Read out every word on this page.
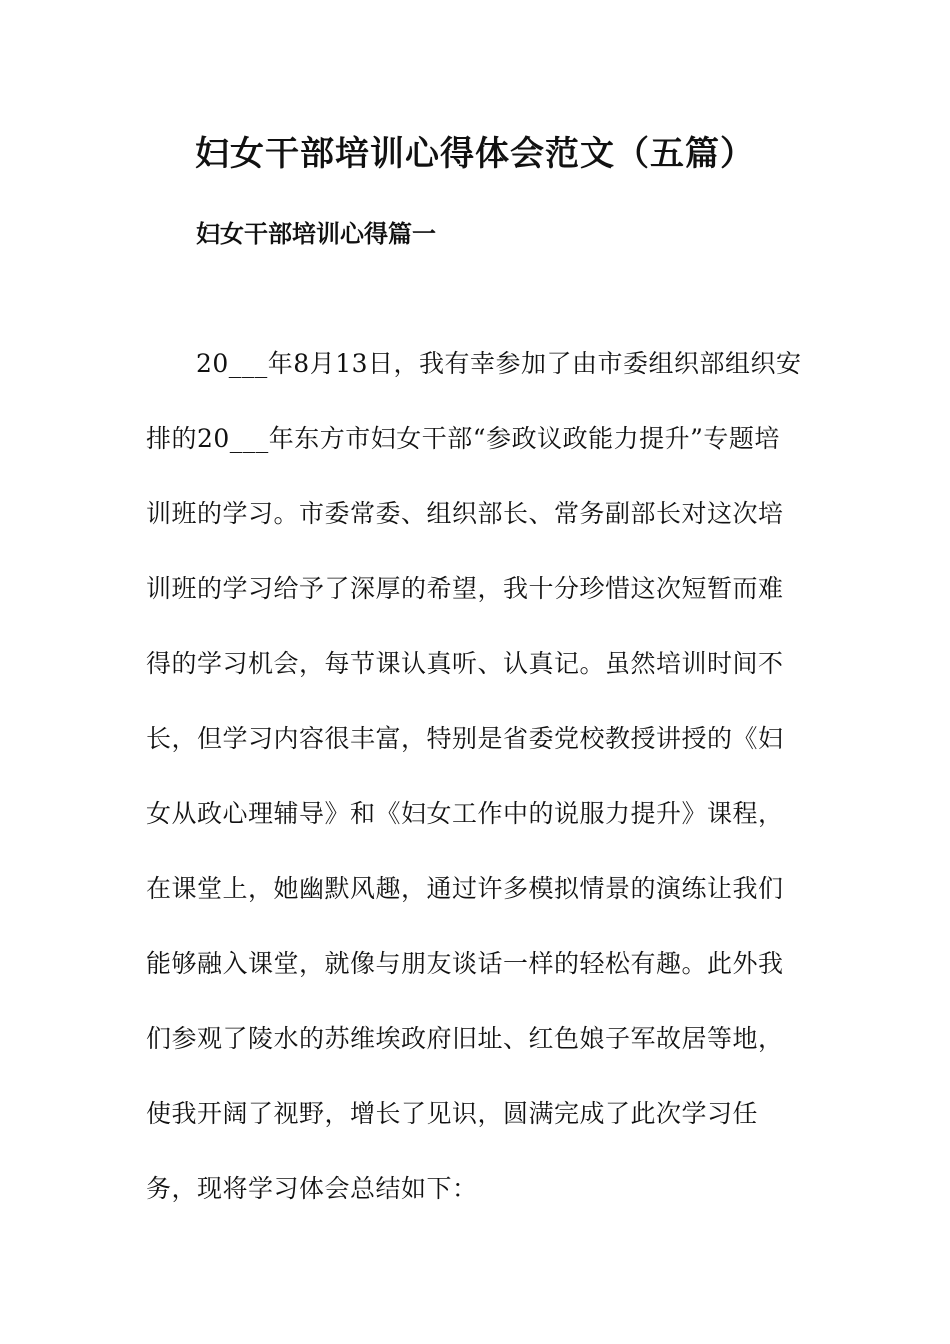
妇女干部培训心得体会范文（五篇）
妇女干部培训心得篇一

20___年8月13日，我有幸参加了由市委组织部组织安

排的20___年东方市妇女干部“参政议政能力提升”专题培

训班的学习。市委常委、组织部长、常务副部长对这次培

训班的学习给予了深厚的希望，我十分珍惜这次短暂而难

得的学习机会，每节课认真听、认真记。虽然培训时间不

长，但学习内容很丰富，特别是省委党校教授讲授的《妇

女从政心理辅导》和《妇女工作中的说服力提升》课程，

在课堂上，她幽默风趣，通过许多模拟情景的演练让我们

能够融入课堂，就像与朋友谈话一样的轻松有趣。此外我

们参观了陵水的苏维埃政府旧址、红色娘子军故居等地，

使我开阔了视野，增长了见识，圆满完成了此次学习任

务，现将学习体会总结如下：
